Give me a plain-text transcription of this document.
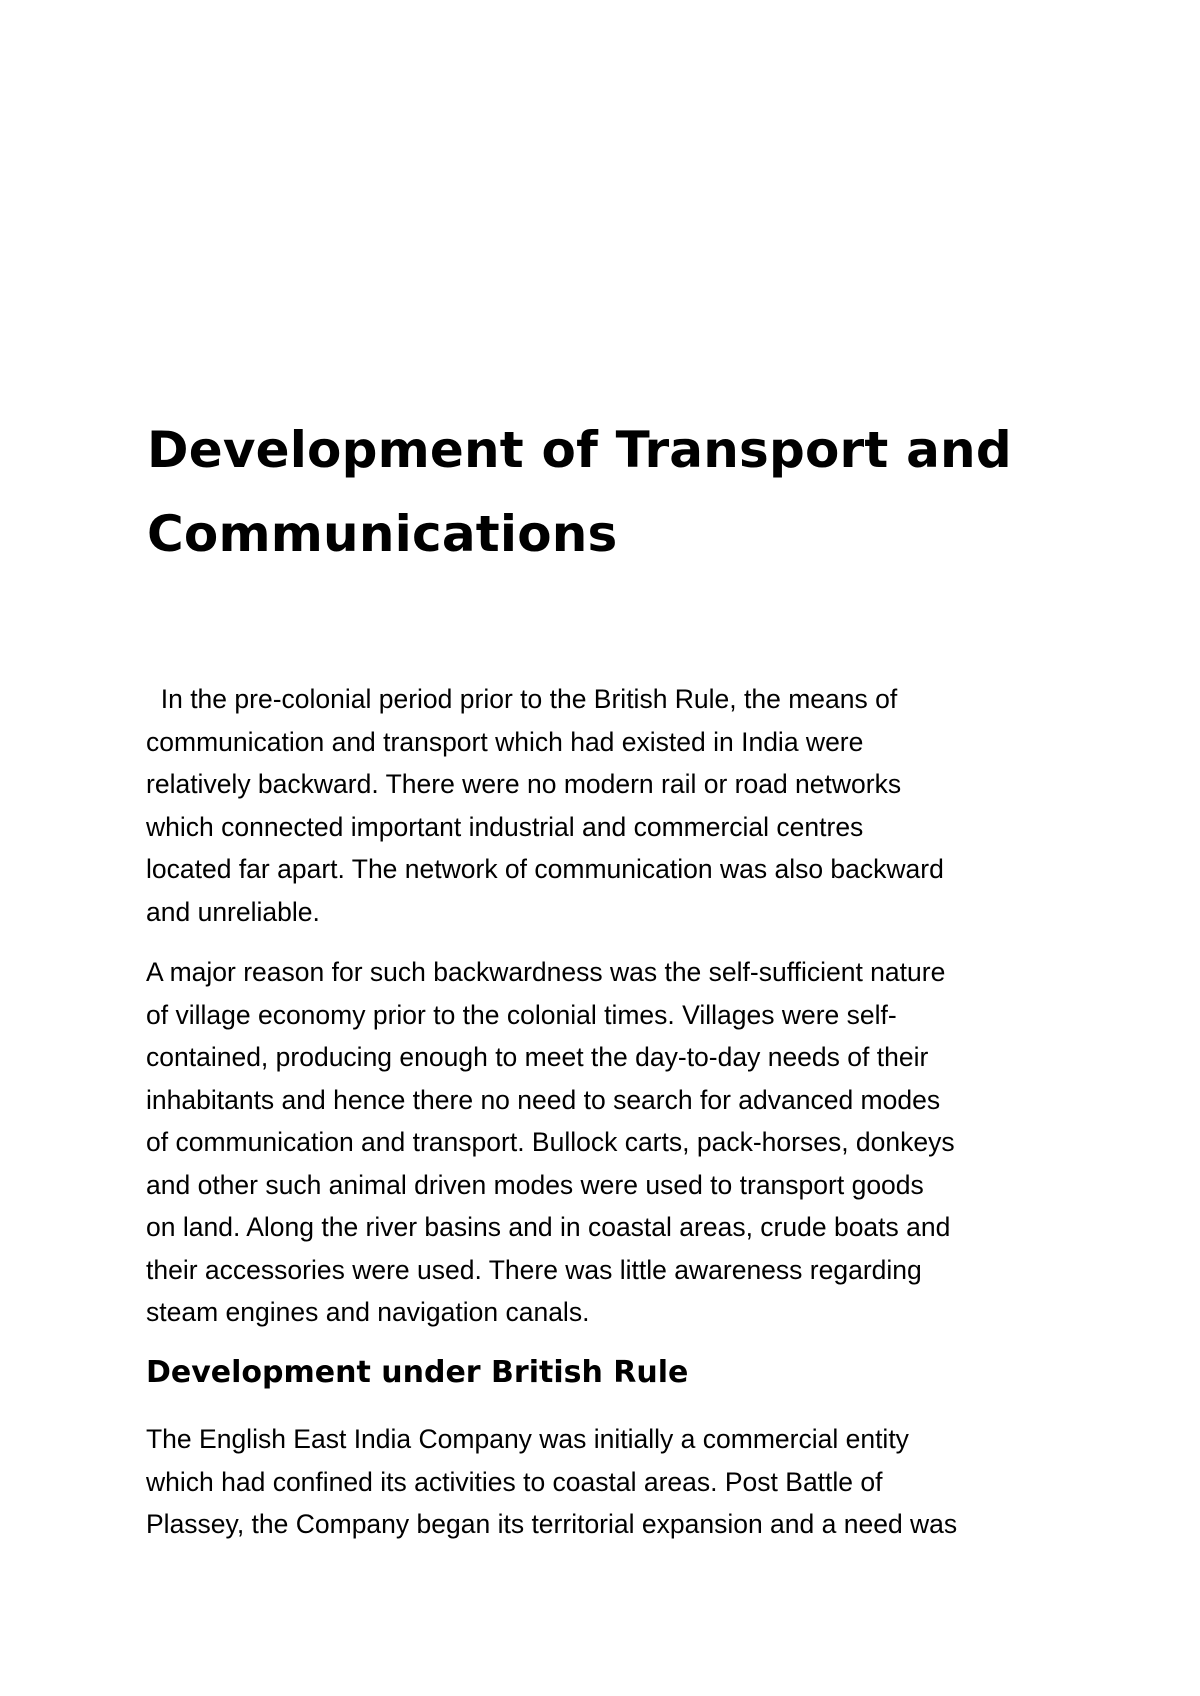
Development of Transport and
Communications

In the pre-colonial period prior to the British Rule, the means of
communication and transport which had existed in India were
relatively backward. There were no modern rail or road networks
which connected important industrial and commercial centres
located far apart. The network of communication was also backward
and unreliable.

A major reason for such backwardness was the self-sufficient nature
of village economy prior to the colonial times. Villages were self-
contained, producing enough to meet the day-to-day needs of their
inhabitants and hence there no need to search for advanced modes
of communication and transport. Bullock carts, pack-horses, donkeys
and other such animal driven modes were used to transport goods
on land. Along the river basins and in coastal areas, crude boats and
their accessories were used. There was little awareness regarding
steam engines and navigation canals.

Development under British Rule

The English East India Company was initially a commercial entity
which had confined its activities to coastal areas. Post Battle of
Plassey, the Company began its territorial expansion and a need was
